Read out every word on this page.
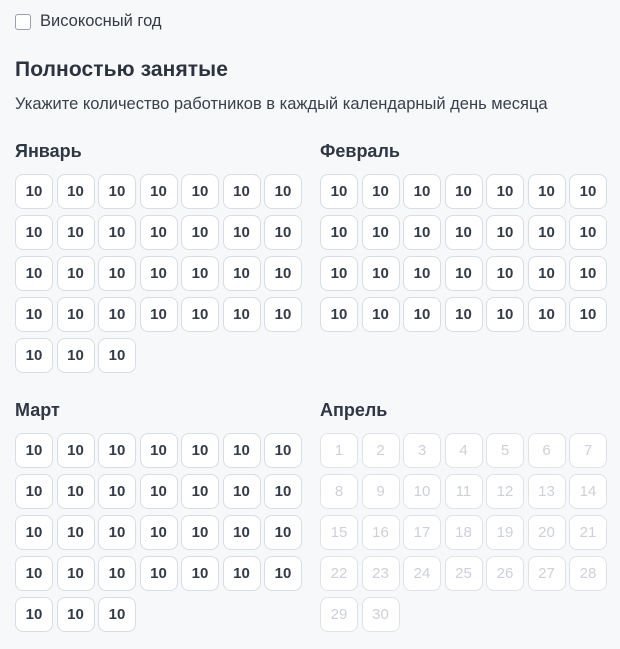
Високосный год
Полностью занятые

Укажите количество работников в каждый календарный день месяца

Январь
10
10
10
10
10
10
10
10
10
10
10
10
10
10
10
10
10
10
10
10
10
10
10
10
10
10
10
10
10
10
10	Февраль
10
10
10
10
10
10
10
10
10
10
10
10
10
10
10
10
10
10
10
10
10
10
10
10
10
10
10
10
Март
10
10
10
10
10
10
10
10
10
10
10
10
10
10
10
10
10
10
10
10
10
10
10
10
10
10
10
10
10
10
10	Апрель
1
2
3
4
5
6
7
8
9
10
11
12
13
14
15
16
17
18
19
20
21
22
23
24
25
26
27
28
29
30
